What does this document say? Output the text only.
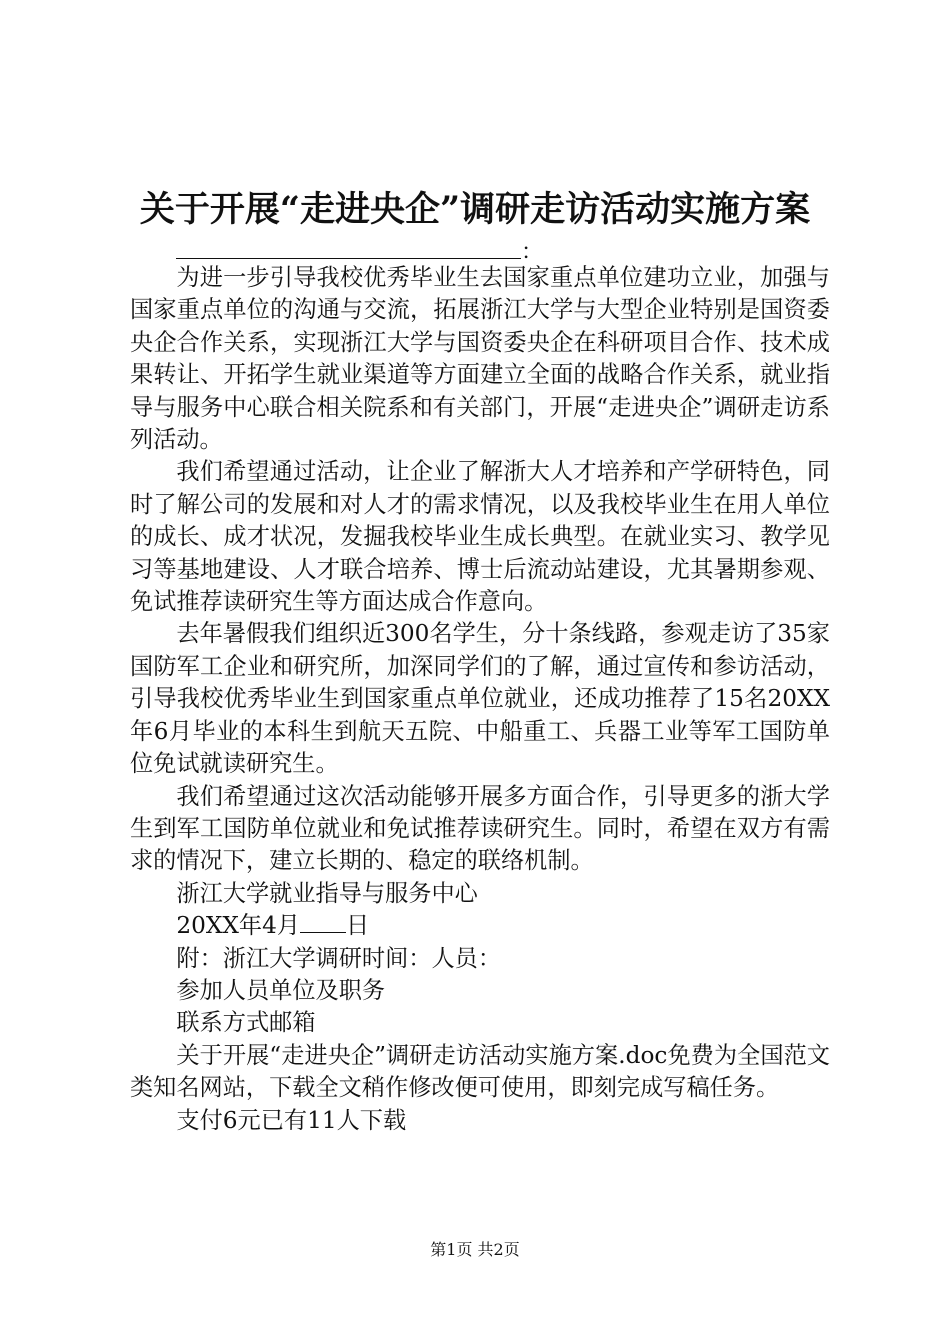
关于开展“走进央企”调研走访活动实施方案
：

为进一步引导我校优秀毕业生去国家重点单位建功立业，加强与国家重点单位的沟通与交流，拓展浙江大学与大型企业特别是国资委央企合作关系，实现浙江大学与国资委央企在科研项目合作、技术成果转让、开拓学生就业渠道等方面建立全面的战略合作关系，就业指导与服务中心联合相关院系和有关部门，开展“走进央企”调研走访系列活动。

我们希望通过活动，让企业了解浙大人才培养和产学研特色，同时了解公司的发展和对人才的需求情况，以及我校毕业生在用人单位的成长、成才状况，发掘我校毕业生成长典型。在就业实习、教学见习等基地建设、人才联合培养、博士后流动站建设，尤其暑期参观、免试推荐读研究生等方面达成合作意向。

去年暑假我们组织近300名学生，分十条线路，参观走访了35家国防军工企业和研究所，加深同学们的了解，通过宣传和参访活动，引导我校优秀毕业生到国家重点单位就业，还成功推荐了15名20XX年6月毕业的本科生到航天五院、中船重工、兵器工业等军工国防单位免试就读研究生。

我们希望通过这次活动能够开展多方面合作，引导更多的浙大学生到军工国防单位就业和免试推荐读研究生。同时，希望在双方有需求的情况下，建立长期的、稳定的联络机制。

浙江大学就业指导与服务中心

20XX年4月 日

附：浙江大学调研时间：人员：

参加人员单位及职务

联系方式邮箱

关于开展“走进央企”调研走访活动实施方案.doc免费为全国范文类知名网站，下载全文稍作修改便可使用，即刻完成写稿任务。

支付6元已有11人下载

第1页 共2页
